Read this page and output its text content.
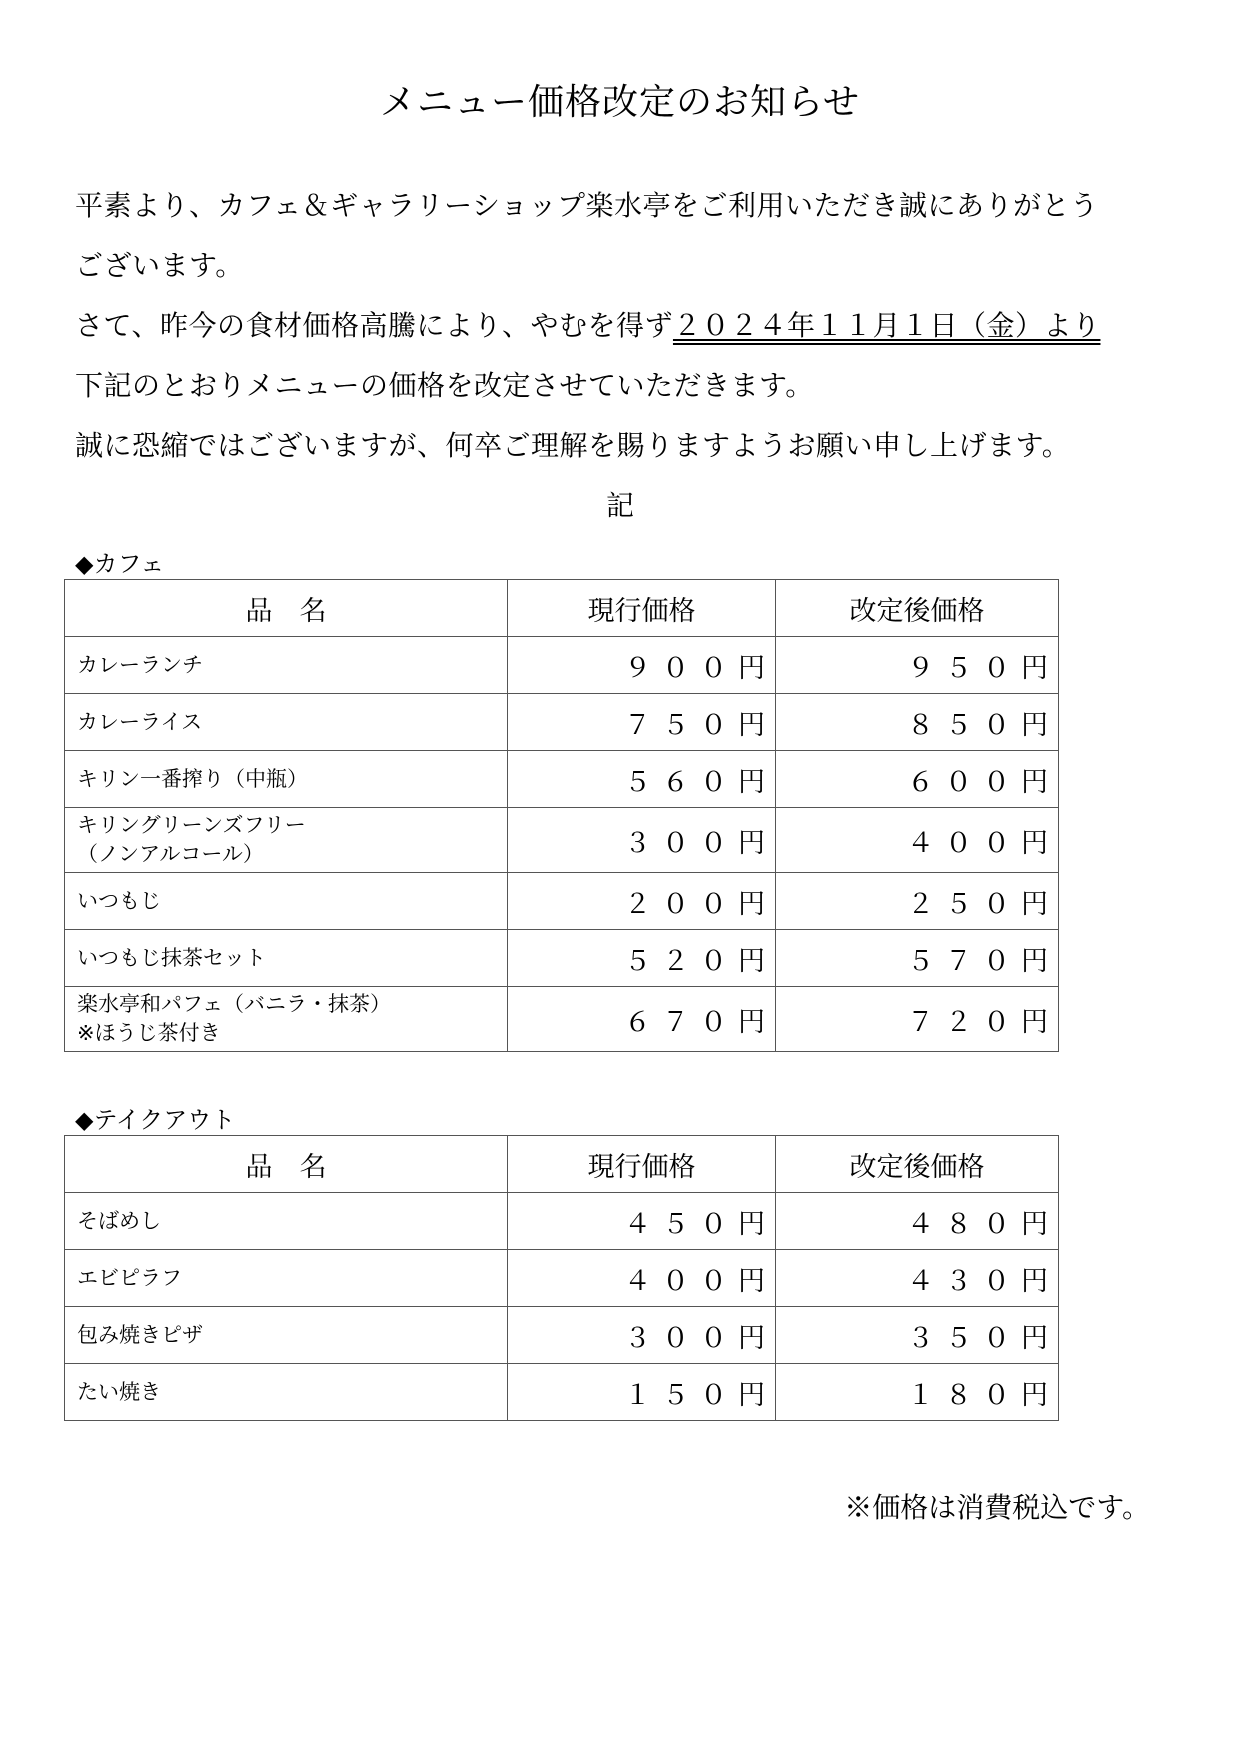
メニュー価格改定のお知らせ
平素より、カフェ＆ギャラリーショップ楽水亭をご利用いただき誠にありがとう
ございます。
さて、昨今の食材価格高騰により、やむを得ず２０２４年１１月１日（金）より
下記のとおりメニューの価格を改定させていただきます。
誠に恐縮ではございますが、何卒ご理解を賜りますようお願い申し上げます。
記
◆カフェ
品　名	現行価格	改定後価格
カレーランチ	９００円	９５０円
カレーライス	７５０円	８５０円
キリン一番搾り（中瓶）	５６０円	６００円
キリングリーンズフリー
（ノンアルコール）	３００円	４００円
いつもじ	２００円	２５０円
いつもじ抹茶セット	５２０円	５７０円
楽水亭和パフェ（バニラ・抹茶）
※ほうじ茶付き	６７０円	７２０円
◆テイクアウト
品　名	現行価格	改定後価格
そばめし	４５０円	４８０円
エビピラフ	４００円	４３０円
包み焼きピザ	３００円	３５０円
たい焼き	１５０円	１８０円
※価格は消費税込です。
